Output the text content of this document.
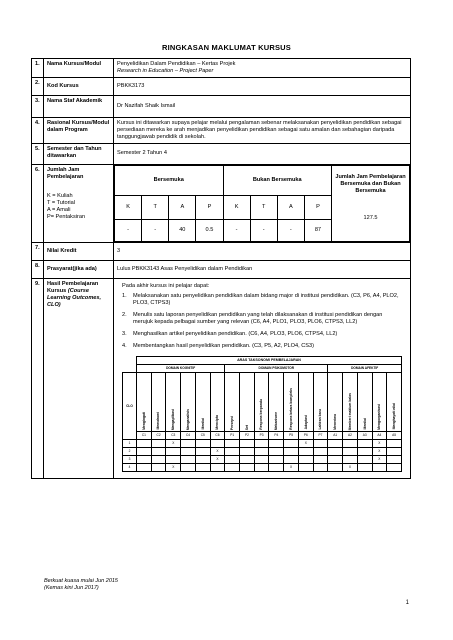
RINGKASAN MAKLUMAT KURSUS
1.	Nama Kursus/Modul	Penyelidikan Dalam Pendidikan – Kertas Projek
Research in Education – Project Paper

2.	Kod Kursus	PBKK3173
3.	Nama Staf Akademik	Dr Nazifah Shaik Ismail
4.	Rasional Kursus/Modul dalam Program	Kursus ini ditawarkan supaya pelajar melalui pengalaman sebenar melaksanakan penyelidikan pendidikan sebagai persediaan mereka ke arah menjadikan penyelidikan pendidikan sebagai satu amalan dan sebahagian daripada tanggungjawab pendidik di sekolah.
5.	Semester dan Tahun ditawarkan	Semester 2 Tahun 4
6.	Jumlah Jam Pembelajaran
K = Kuliah
T = Tutorial
A = Amali
P= Pentaksiran

Bersemuka	Bukan Bersemuka	Jumlah Jam Pembelajaran Bersemuka dan Bukan Bersemuka
127.5

K	T	A	P	K	T	A	P
-	-	40	0.5	-	-	-	87

7.	Nilai Kredit	3
8.	Prasyarat(jika ada)	Lulus PBKK3143 Asas Penyelidikan dalam Pendidikan
9.	Hasil Pembelajaran Kursus (Course Learning Outcomes, CLO)	
Pada akhir kursus ini pelajar dapat:
1. Melaksanakan satu penyelidikan pendidikan dalam bidang major di institusi pendidikan. (C3, P6, A4, PLO2, PLO3, CTPS3)
2. Menulis satu laporan penyelidikan pendidikan yang telah dilaksanakan di institusi pendidikan dengan merujuk kepada pelbagai sumber yang relevan (C6, A4, PLO1, PLO3, PLO6, CTPS3, LL2)
3. Menghasilkan artikel penyelidikan pendidikan. (C6, A4, PLO3, PLO6, CTPS4, LL2)
4. Membentangkan hasil penyelidikan pendidikan. (C3, P5, A2, PLO4, CS3)
	ARAS TAKSONOMI PEMBELAJARAN
	DOMAIN KOGNITIF	DOMAIN PSIKOMOTOR	DOMAIN AFEKTIF
CLO	Mengingati	Memahami	Mengaplikasi	Menganalisis	Menilai	Mencipta	Persepsi	Set	Respons berpandu	Mekanisme	Respons ketara kompleks	Adaptasi	Lahiran baru	Menerima	Memberi maklum balas	Menilai	Mengorganisasi	Menghayati nilai
C1	C2	C3	C4	C5	C6	P1	P2	P3	P4	P5	P6	P7	A1	A2	A3	A4	A5
1			X									X					X	
2						X											X	
3						X											X	
4			X								X				X			
Berkuat kuasa mulai Jun 2015
(Kemas kini Jun 2017)
1
